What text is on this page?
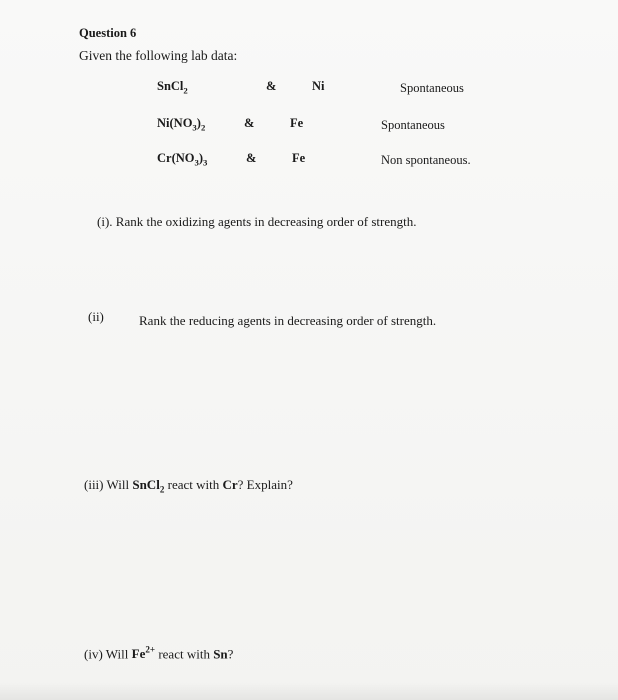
Question 6
Given the following lab data:
SnCl$_2$	&	Ni	Spontaneous
$Ni(NO_3)_2$	&	Fe	Spontaneous
$Cr(NO_3)_3$	&	Fe	Non spontaneous.
(i). Rank the oxidizing agents in decreasing order of strength.
(ii)	Rank the reducing agents in decreasing order of strength.
(iii) Will SnCl$_2$ react with Cr? Explain?
(iv) Will $Fe^{2+}$ react with Sn?
